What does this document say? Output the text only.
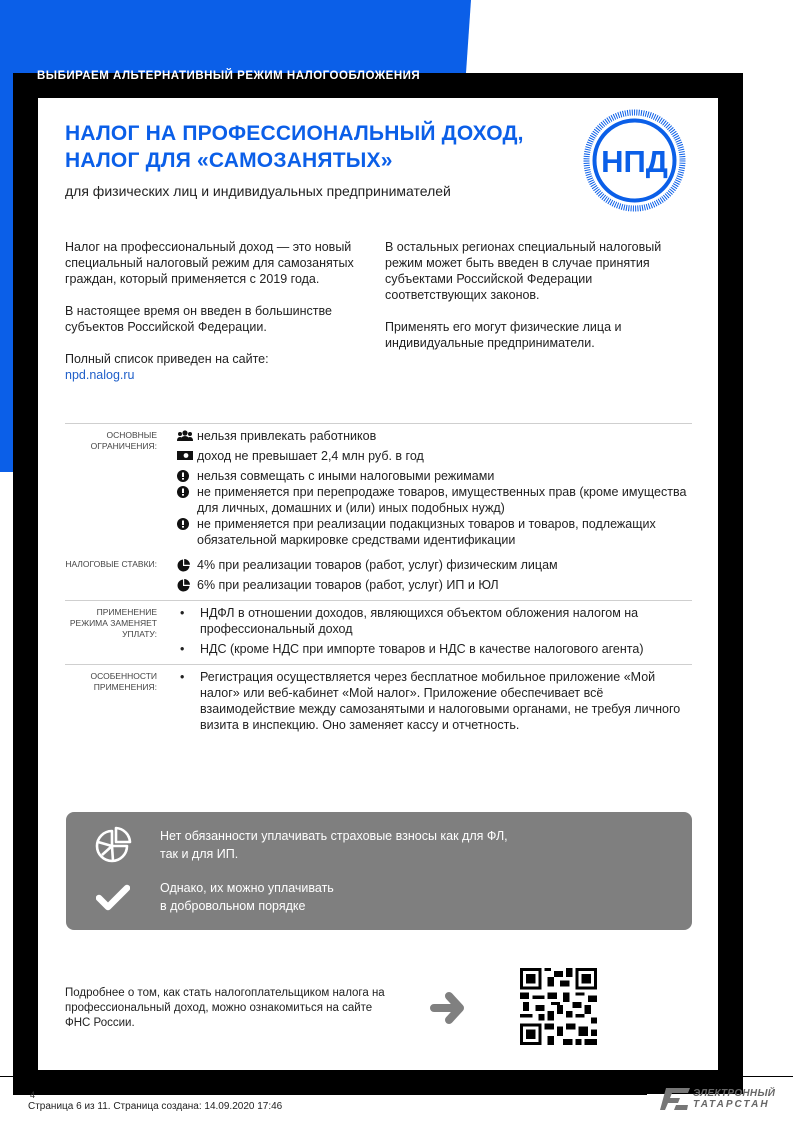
ВЫБИРАЕМ АЛЬТЕРНАТИВНЫЙ РЕЖИМ НАЛОГООБЛОЖЕНИЯ
НАЛОГ НА ПРОФЕССИОНАЛЬНЫЙ ДОХОД,
НАЛОГ ДЛЯ «САМОЗАНЯТЫХ»
для физических лиц и индивидуальных предпринимателей
НПД

Налог на профессиональный доход — это новый специальный налоговый режим для самозанятых граждан, который применяется с 2019 года.

В настоящее время он введен в большинстве субъектов Российской Федерации.

Полный список приведен на сайте:
npd.nalog.ru

В остальных регионах специальный налоговый режим может быть введен в случае принятия субъектами Российской Федерации соответствующих законов.

Применять его могут физические лица и индивидуальные предприниматели.

ОСНОВНЫЕ ОГРАНИЧЕНИЯ:
нельзя привлекать работников
доход не превышает 2,4 млн руб. в год
нельзя совмещать с иными налоговыми режимами
не применяется при перепродаже товаров, имущественных прав (кроме имущества для личных, домашних и (или) иных подобных нужд)
не применяется при реализации подакцизных товаров и товаров, подлежащих обязательной маркировке средствами идентификации
НАЛОГОВЫЕ СТАВКИ:	4% при реализации товаров (работ, услуг) физическим лицам
6% при реализации товаров (работ, услуг) ИП и ЮЛ
ПРИМЕНЕНИЕ РЕЖИМА ЗАМЕНЯЕТ УПЛАТУ:
•	НДФЛ в отношении доходов, являющихся объектом обложения налогом на профессиональный доход
•	НДС (кроме НДС при импорте товаров и НДС в качестве налогового агента)
ОСОБЕННОСТИ ПРИМЕНЕНИЯ:
•	Регистрация осуществляется через бесплатное мобильное приложение «Мой налог» или веб-кабинет «Мой налог». Приложение обеспечивает всё взаимодействие между самозанятыми и налоговыми органами, не требуя личного визита в инспекцию. Оно заменяет кассу и отчетность.
Нет обязанности уплачивать страховые взносы как для ФЛ,
так и для ИП.
Однако, их можно уплачивать
в добровольном порядке
Подробнее о том, как стать налогоплательщиком налога на профессиональный доход, можно ознакомиться на сайте ФНС России.
4
Страница 6 из 11. Страница создана: 14.09.2020 17:46
ЭЛЕКТРОННЫЙ
ТАТАРСТАН
